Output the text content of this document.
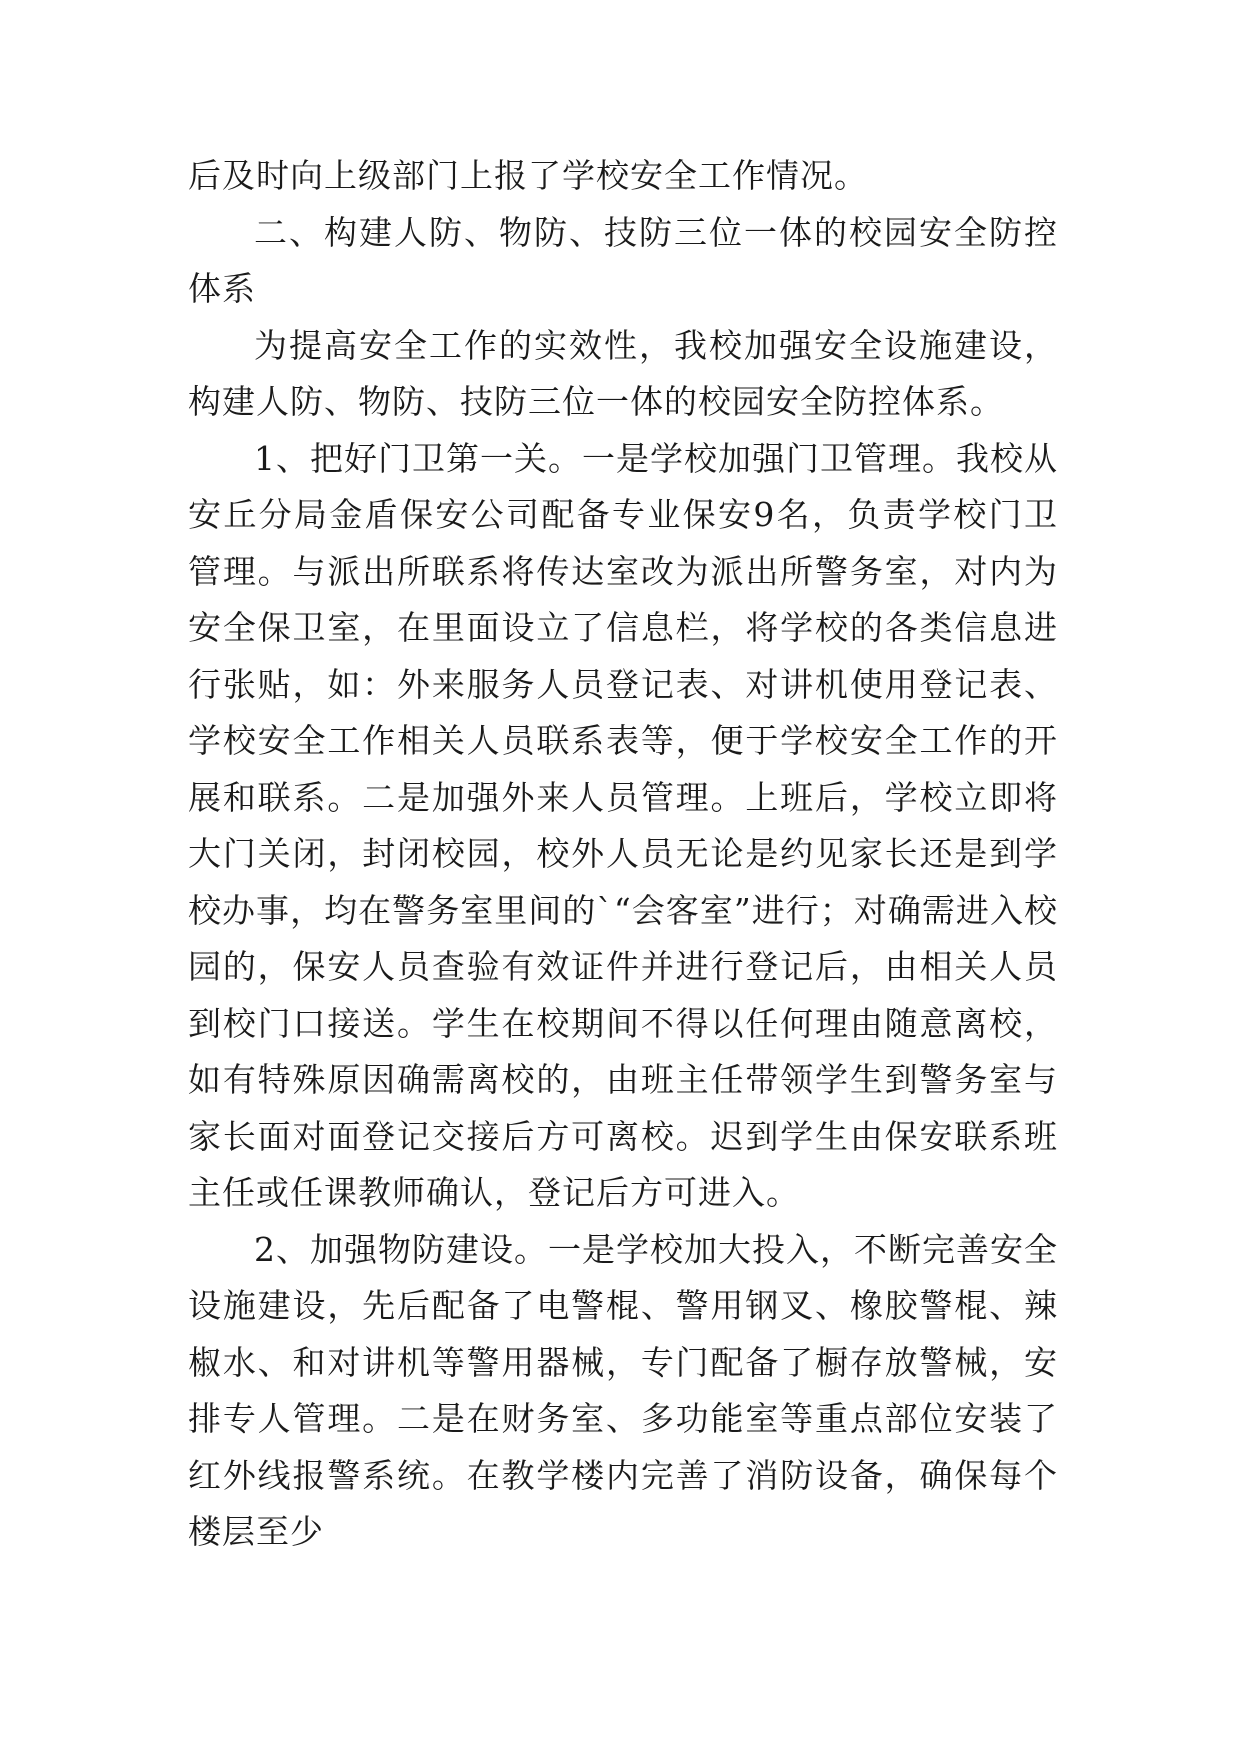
后及时向上级部门上报了学校安全工作情况。

二、构建人防、物防、技防三位一体的校园安全防控体系

为提高安全工作的实效性，我校加强安全设施建设，构建人防、物防、技防三位一体的校园安全防控体系。

1、把好门卫第一关。一是学校加强门卫管理。我校从安丘分局金盾保安公司配备专业保安9名，负责学校门卫管理。与派出所联系将传达室改为派出所警务室，对内为安全保卫室，在里面设立了信息栏，将学校的各类信息进行张贴，如：外来服务人员登记表、对讲机使用登记表、学校安全工作相关人员联系表等，便于学校安全工作的开展和联系。二是加强外来人员管理。上班后，学校立即将大门关闭，封闭校园，校外人员无论是约见家长还是到学校办事，均在警务室里间的`“会客室”进行；对确需进入校园的，保安人员查验有效证件并进行登记后，由相关人员到校门口接送。学生在校期间不得以任何理由随意离校，如有特殊原因确需离校的，由班主任带领学生到警务室与家长面对面登记交接后方可离校。迟到学生由保安联系班主任或任课教师确认，登记后方可进入。

2、加强物防建设。一是学校加大投入，不断完善安全设施建设，先后配备了电警棍、警用钢叉、橡胶警棍、辣椒水、和对讲机等警用器械，专门配备了橱存放警械，安排专人管理。二是在财务室、多功能室等重点部位安装了红外线报警系统。在教学楼内完善了消防设备，确保每个楼层至少
